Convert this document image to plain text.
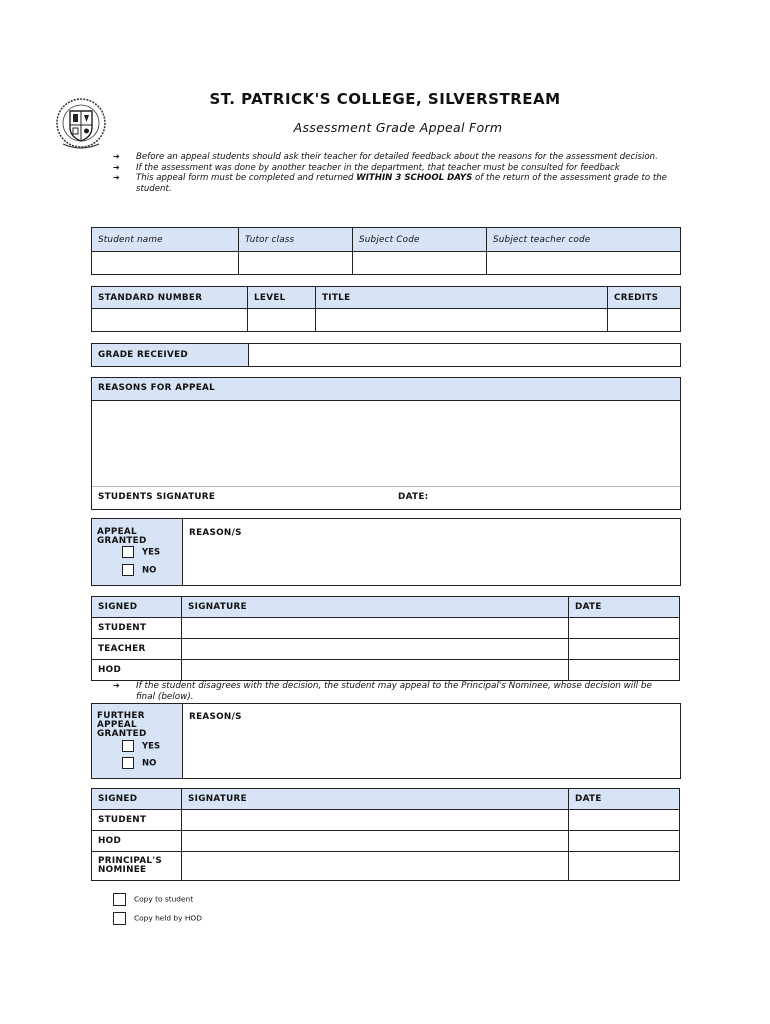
ST. PATRICK'S COLLEGE, SILVERSTREAM
Assessment Grade Appeal Form
➔ Before an appeal students should ask their teacher for detailed feedback about the reasons for the assessment decision.
➔ If the assessment was done by another teacher in the department, that teacher must be consulted for feedback
➔ This appeal form must be completed and returned WITHIN 3 SCHOOL DAYS of the return of the assessment grade to the student.
Student name	Tutor class	Subject Code	Subject teacher code

STANDARD NUMBER	LEVEL	TITLE	CREDITS

GRADE RECEIVED	
REASONS FOR APPEAL
STUDENTS SIGNATURE	DATE:
APPEAL GRANTED
YES
NO
REASON/S
SIGNED	SIGNATURE	DATE
STUDENT		
TEACHER		
HOD		
➔ If the student disagrees with the decision, the student may appeal to the Principal's Nominee, whose decision will be final (below).
FURTHER APPEAL GRANTED
YES
NO
REASON/S
SIGNED	SIGNATURE	DATE
STUDENT		
HOD		
PRINCIPAL'S NOMINEE		
Copy to student
Copy held by HOD
